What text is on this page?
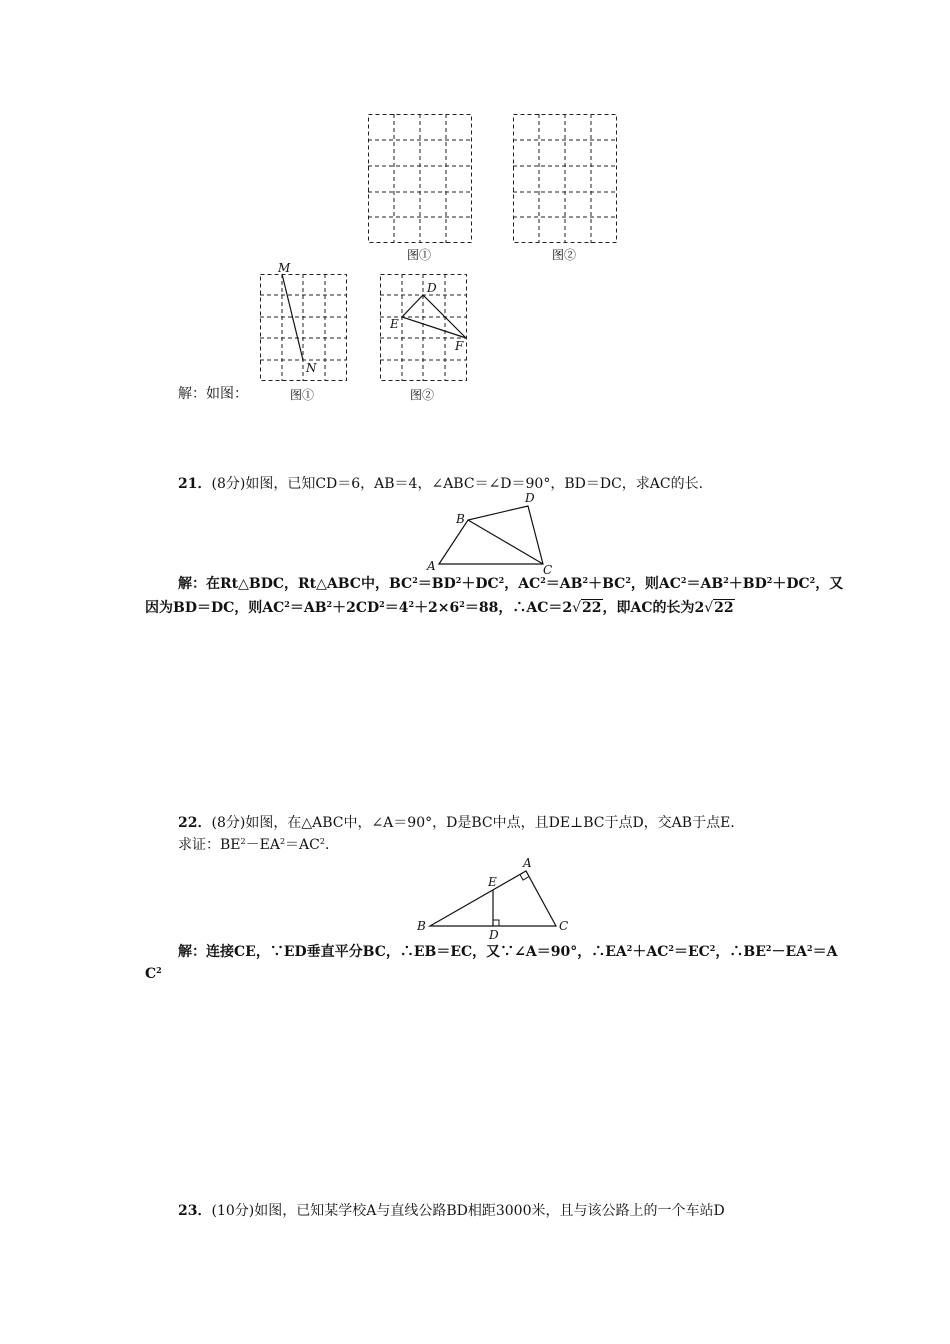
图①	图②
解：如图：
M
N
图①
D
E
F
图②
21．(8分)如图，已知CD＝6，AB＝4，∠ABC＝∠D＝90°，BD＝DC，求AC的长.
A
B
D
C
解：在Rt△BDC，Rt△ABC中，$BC^2=BD^2+DC^2$，$AC^2=AB^2+BC^2$，则$AC^2=AB^2+BD^2+DC^2$，又
因为BD＝DC，则$AC^2=AB^2+2CD^2=4^2+2\times 6^2=88$，∴AC＝2√22，即AC的长为2√22
22．(8分)如图，在△ABC中，∠A＝90°，D是BC中点，且DE⊥BC于点D，交AB于点E.
求证：$BE^2-EA^2=AC^2$.
A
B	C
E
D
解：连接CE，∵ED垂直平分BC，∴EB＝EC，又∵∠A＝90°，$\therefore EA^2+AC^2=EC^2$，$\therefore BE^2-EA^2=A$
$C^2$
23．(10分)如图，已知某学校A与直线公路BD相距3000米，且与该公路上的一个车站D
